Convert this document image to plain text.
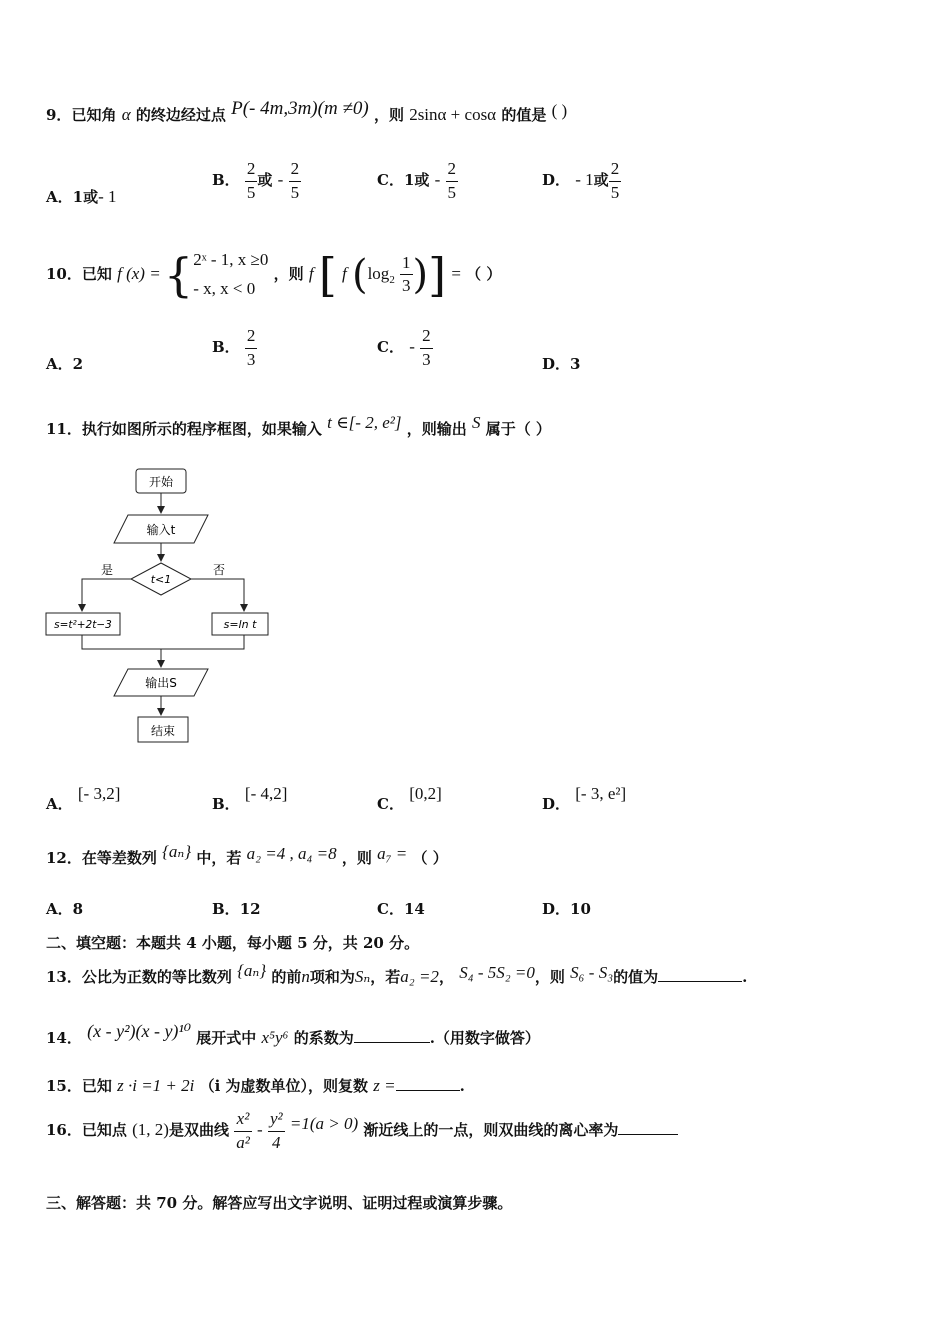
9．已知角 α 的终边经过点 P(- 4m,3m)(m ≠0) ，则 2sinα + cosα 的值是 ( )
A．1或- 1
B． $\frac{2}{5}$ 或 - $\frac{2}{5}$	C．1或 - $\frac{2}{5}$	D． - 1或 $\frac{2}{5}$
10．已知 f (x) = { 2ˣ - 1, x ≥0
- x, x < 0
，则 f [ f ($\log_2 \frac{1}{3}$ )] = （ ）
A．2
B． $\frac{2}{3}$	C． - $\frac{2}{3}$	D．3
11．执行如图所示的程序框图，如果输入 t ∈[- 2, e²] ，则输出 S 属于（ ）
开始
输入t
t<1
是	否
s=t²+2t−3	s=ln t
输出S
结束
A． [- 3,2]
B． [- 4,2]
C． [0,2]
D． [- 3, e²]
12．在等差数列 {aₙ} 中，若 a₂ =4 , a₄ =8 ，则 a₇ = （ ）
A．8	B．12	C．14	D．10
二、填空题：本题共 4 小题，每小题 5 分，共 20 分。
13．公比为正数的等比数列 {aₙ} 的前n项和为Sₙ，若a₂ =2， S₄ - 5S₂ =0，则 S₆ - S₃的值为	.
14． (x - y²)(x - y)¹⁰ 展开式中 x⁵y⁶ 的系数为	.（用数字做答）
15．已知 z ·i =1 + 2i （i 为虚数单位），则复数 z =	.
16．已知点 (1, 2)是双曲线 $\frac{\text{x²}}{\text{a²}} - \frac{\text{y²}}{4} =1(a > 0)$ 渐近线上的一点，则双曲线的离心率为
三、解答题：共 70 分。解答应写出文字说明、证明过程或演算步骤。
